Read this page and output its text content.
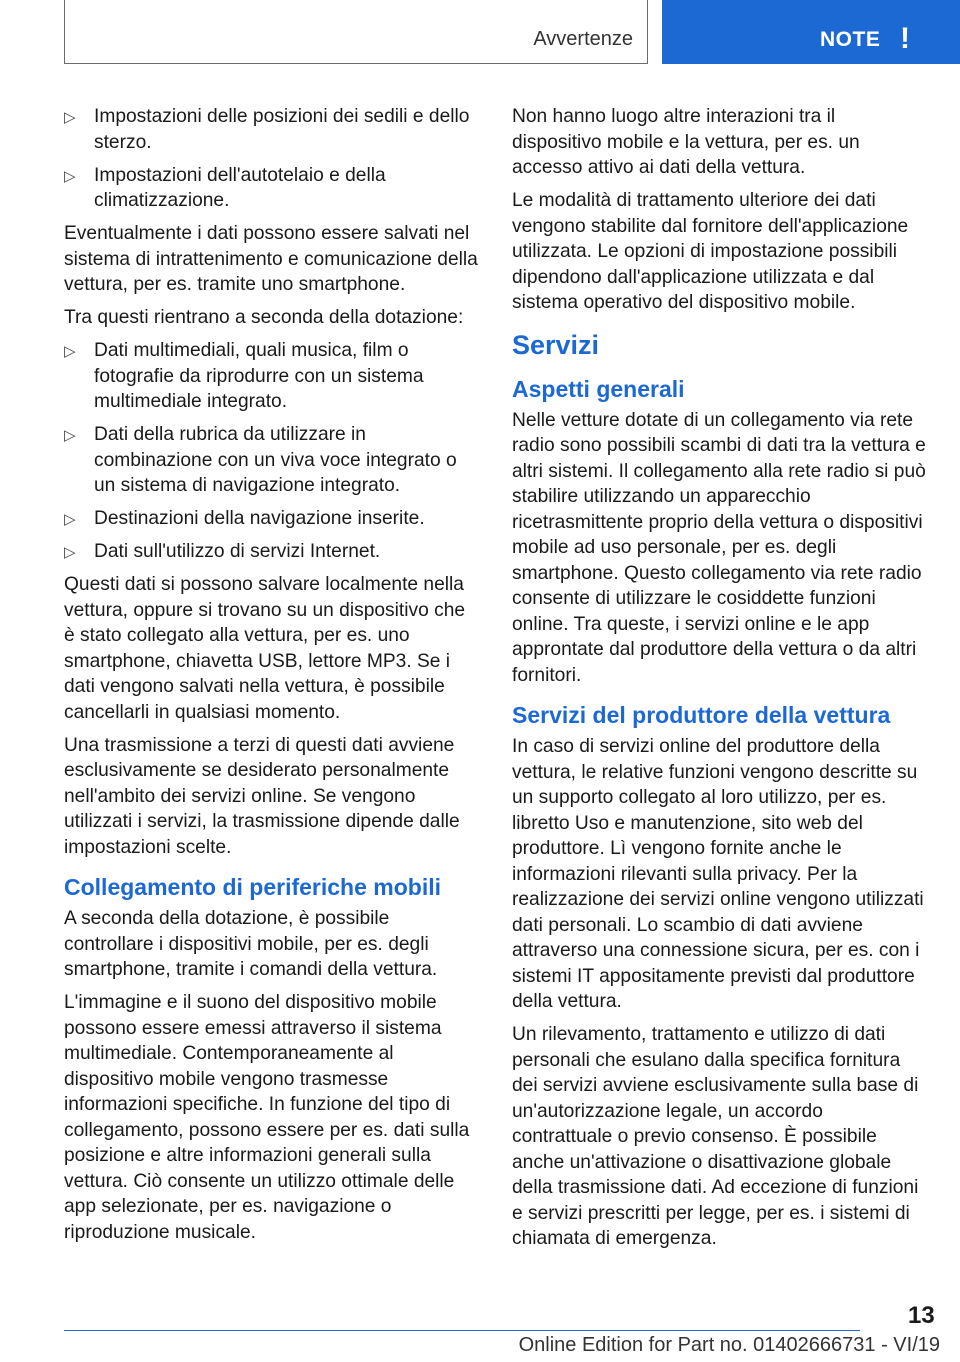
Avvertenze	NOTE !
▷ Impostazioni delle posizioni dei sedili e dello sterzo.
▷ Impostazioni dell'autotelaio e della climatizzazione.

Eventualmente i dati possono essere salvati nel sistema di intrattenimento e comunicazione della vettura, per es. tramite uno smartphone.

Tra questi rientrano a seconda della dotazione:

▷ Dati multimediali, quali musica, film o fotografie da riprodurre con un sistema multimediale integrato.
▷ Dati della rubrica da utilizzare in combinazione con un viva voce integrato o un sistema di navigazione integrato.
▷ Destinazioni della navigazione inserite.
▷ Dati sull'utilizzo di servizi Internet.

Questi dati si possono salvare localmente nella vettura, oppure si trovano su un dispositivo che è stato collegato alla vettura, per es. uno smartphone, chiavetta USB, lettore MP3. Se i dati vengono salvati nella vettura, è possibile cancellarli in qualsiasi momento.

Una trasmissione a terzi di questi dati avviene esclusivamente se desiderato personalmente nell'ambito dei servizi online. Se vengono utilizzati i servizi, la trasmissione dipende dalle impostazioni scelte.

Collegamento di periferiche mobili

A seconda della dotazione, è possibile controllare i dispositivi mobile, per es. degli smartphone, tramite i comandi della vettura.

L'immagine e il suono del dispositivo mobile possono essere emessi attraverso il sistema multimediale. Contemporaneamente al dispositivo mobile vengono trasmesse informazioni specifiche. In funzione del tipo di collegamento, possono essere per es. dati sulla posizione e altre informazioni generali sulla vettura. Ciò consente un utilizzo ottimale delle app selezionate, per es. navigazione o riproduzione musicale.

Non hanno luogo altre interazioni tra il dispositivo mobile e la vettura, per es. un accesso attivo ai dati della vettura.

Le modalità di trattamento ulteriore dei dati vengono stabilite dal fornitore dell'applicazione utilizzata. Le opzioni di impostazione possibili dipendono dall'applicazione utilizzata e dal sistema operativo del dispositivo mobile.

Servizi
Aspetti generali

Nelle vetture dotate di un collegamento via rete radio sono possibili scambi di dati tra la vettura e altri sistemi. Il collegamento alla rete radio si può stabilire utilizzando un apparecchio ricetrasmittente proprio della vettura o dispositivi mobile ad uso personale, per es. degli smartphone. Questo collegamento via rete radio consente di utilizzare le cosiddette funzioni online. Tra queste, i servizi online e le app approntate dal produttore della vettura o da altri fornitori.

Servizi del produttore della vettura

In caso di servizi online del produttore della vettura, le relative funzioni vengono descritte su un supporto collegato al loro utilizzo, per es. libretto Uso e manutenzione, sito web del produttore. Lì vengono fornite anche le informazioni rilevanti sulla privacy. Per la realizzazione dei servizi online vengono utilizzati dati personali. Lo scambio di dati avviene attraverso una connessione sicura, per es. con i sistemi IT appositamente previsti dal produttore della vettura.

Un rilevamento, trattamento e utilizzo di dati personali che esulano dalla specifica fornitura dei servizi avviene esclusivamente sulla base di un'autorizzazione legale, un accordo contrattuale o previo consenso. È possibile anche un'attivazione o disattivazione globale della trasmissione dati. Ad eccezione di funzioni e servizi prescritti per legge, per es. i sistemi di chiamata di emergenza.

13
Online Edition for Part no. 01402666731 - VI/19
